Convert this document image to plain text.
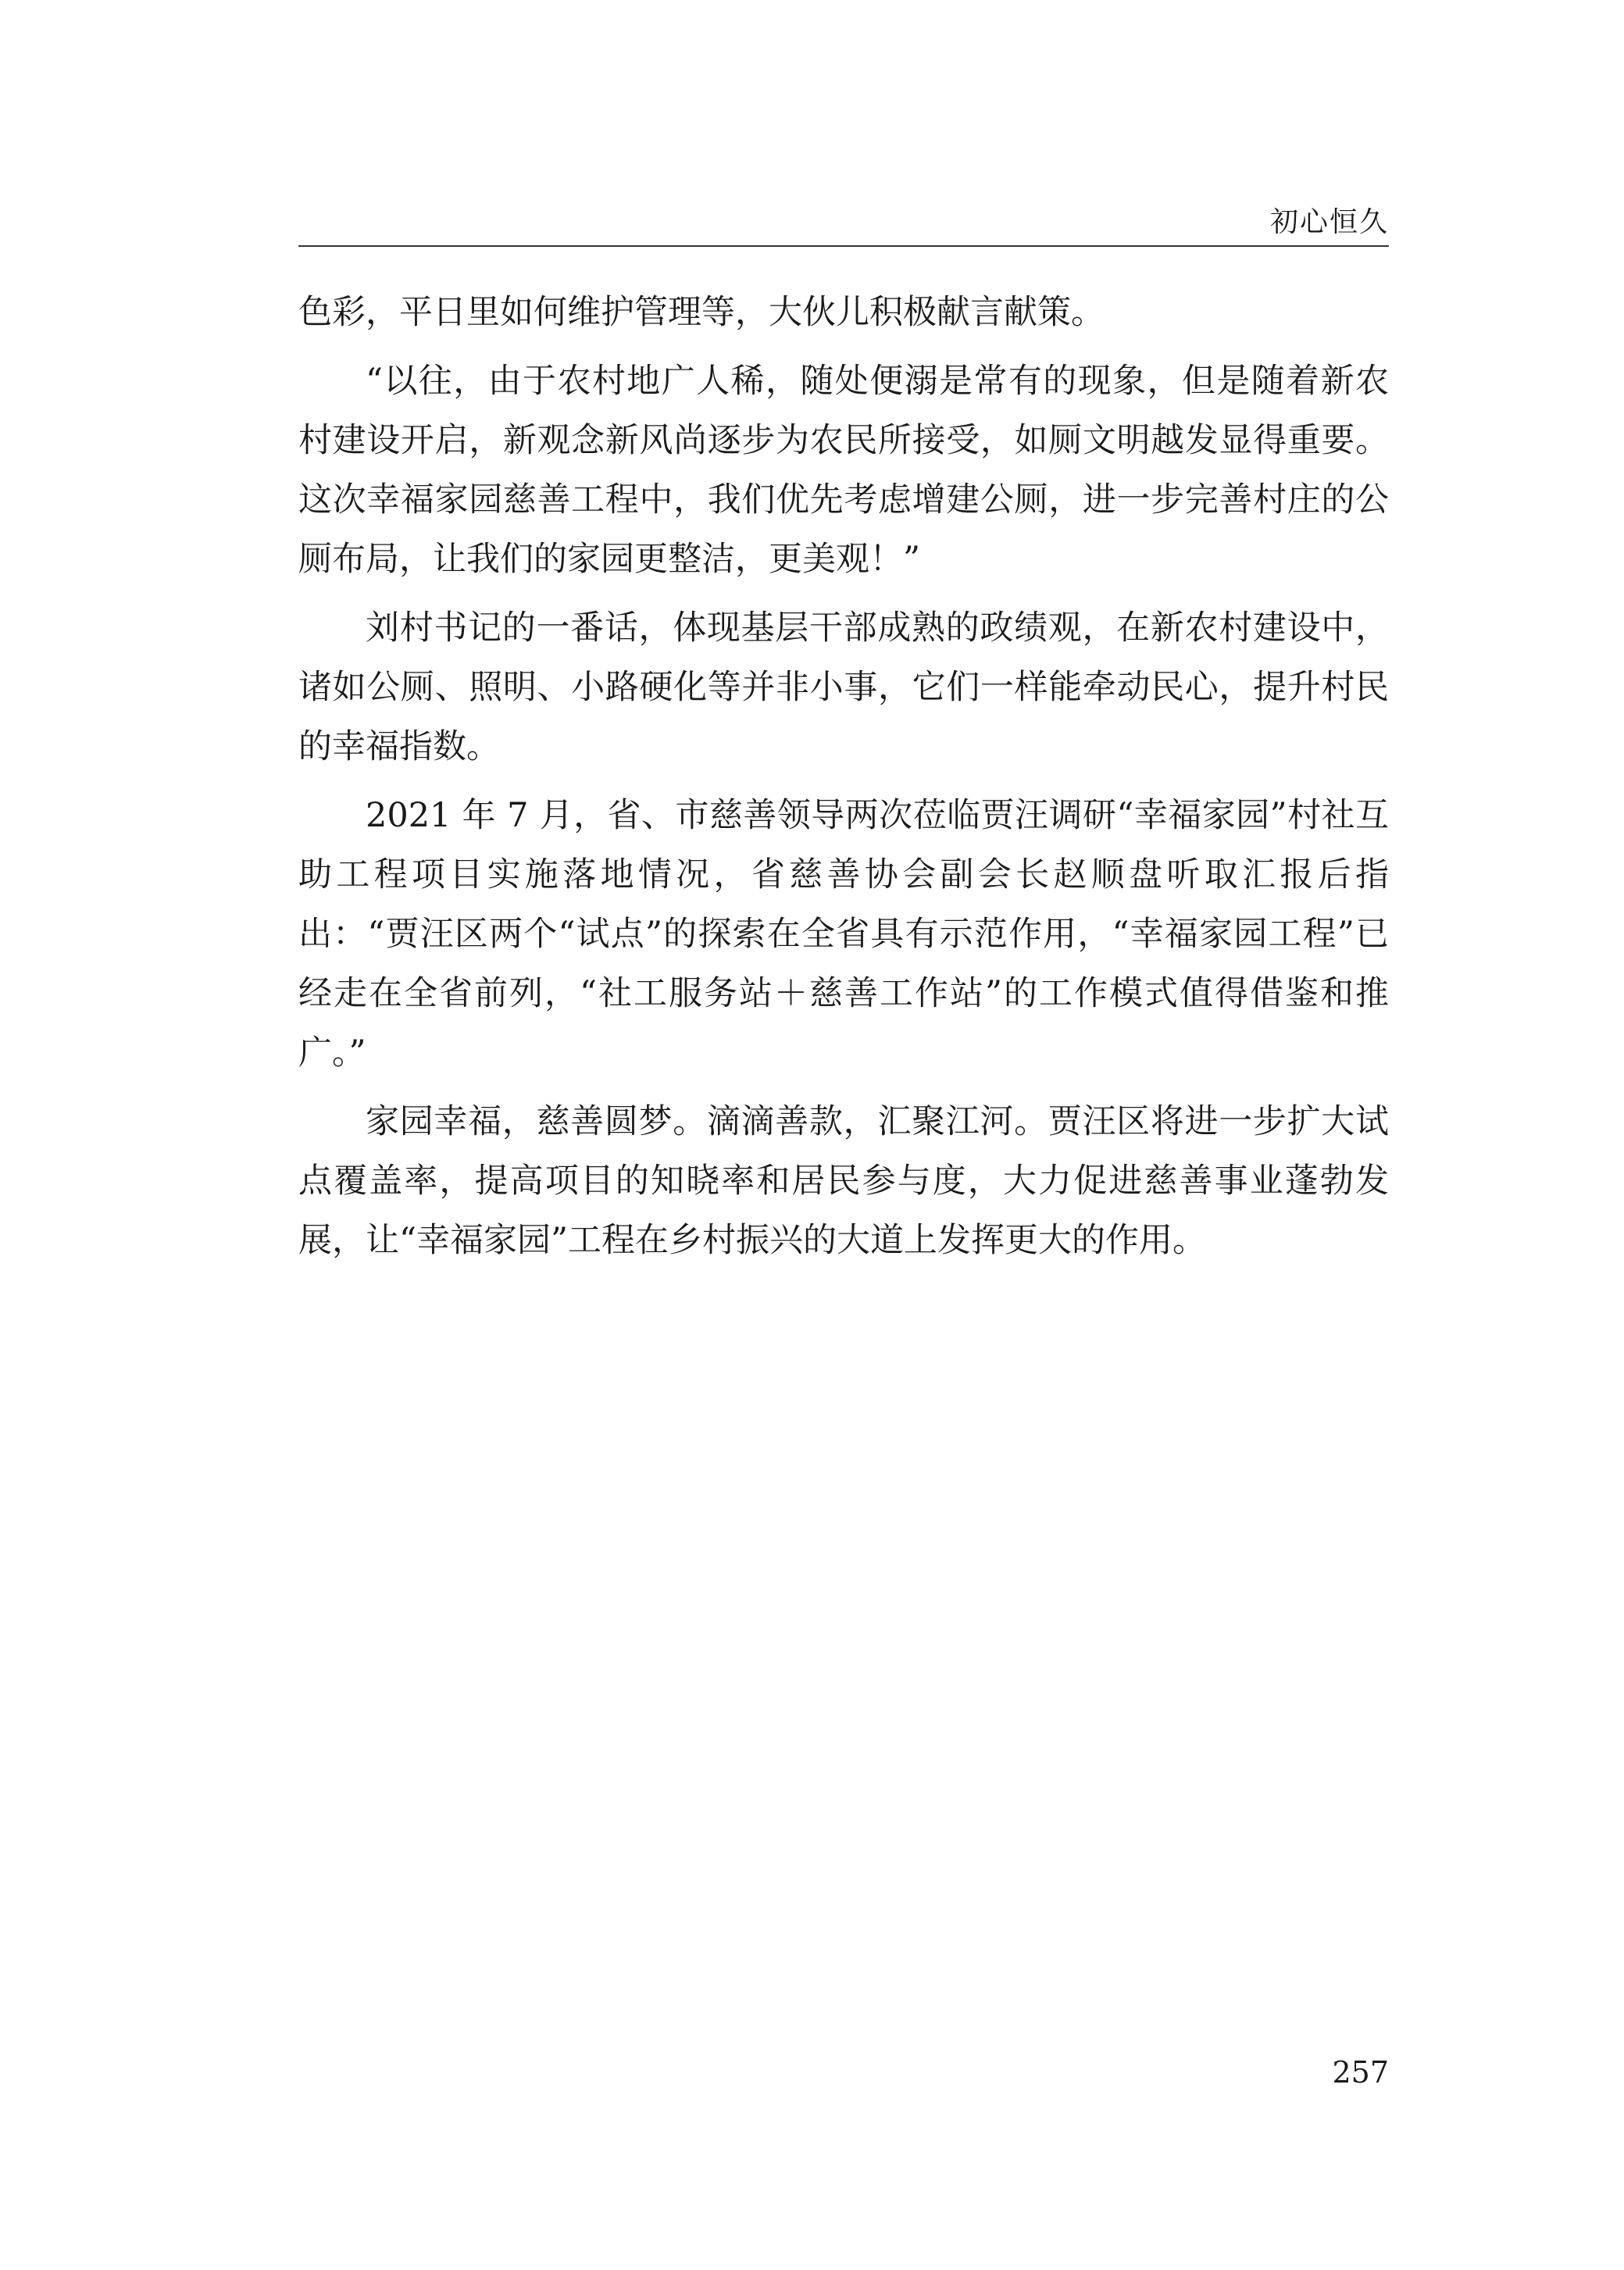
初心恒久

色彩，平日里如何维护管理等，大伙儿积极献言献策。

“以往，由于农村地广人稀，随处便溺是常有的现象，但是随着新农村建设开启，新观念新风尚逐步为农民所接受，如厕文明越发显得重要。这次幸福家园慈善工程中，我们优先考虑增建公厕，进一步完善村庄的公厕布局，让我们的家园更整洁，更美观！”

刘村书记的一番话，体现基层干部成熟的政绩观，在新农村建设中，诸如公厕、照明、小路硬化等并非小事，它们一样能牵动民心，提升村民的幸福指数。

2021 年 7 月，省、市慈善领导两次莅临贾汪调研“幸福家园”村社互助工程项目实施落地情况，省慈善协会副会长赵顺盘听取汇报后指出：“贾汪区两个“试点”的探索在全省具有示范作用，“幸福家园工程”已经走在全省前列，“社工服务站＋慈善工作站”的工作模式值得借鉴和推广。”

家园幸福，慈善圆梦。滴滴善款，汇聚江河。贾汪区将进一步扩大试点覆盖率，提高项目的知晓率和居民参与度，大力促进慈善事业蓬勃发展，让“幸福家园”工程在乡村振兴的大道上发挥更大的作用。

257
